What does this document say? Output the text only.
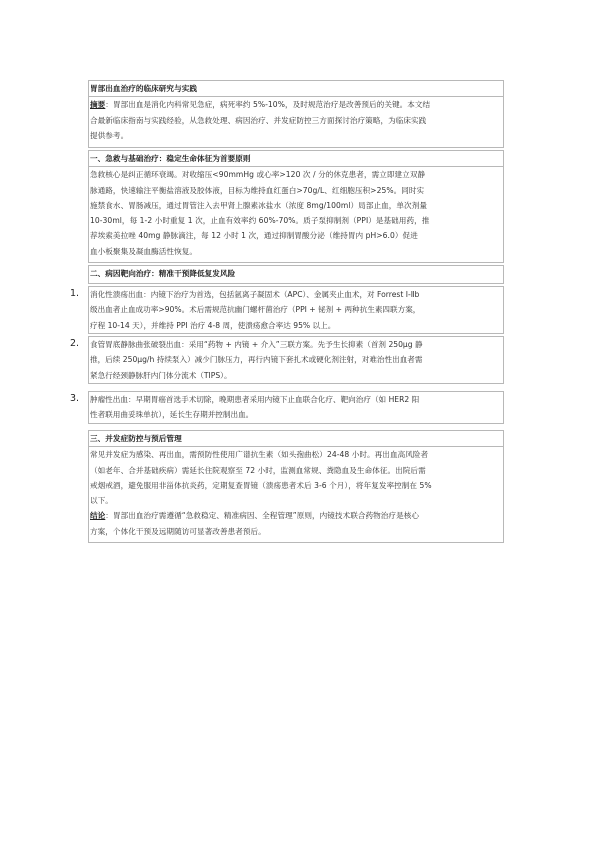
胃部出血治疗的临床研究与实践
摘要：胃部出血是消化内科常见急症，病死率约 5%-10%，及时规范治疗是改善预后的关键。本文结
合最新临床指南与实践经验，从急救处理、病因治疗、并发症防控三方面探讨治疗策略，为临床实践
提供参考。
一、急救与基础治疗：稳定生命体征为首要原则
急救核心是纠正循环衰竭。对收缩压<90mmHg 或心率>120 次 / 分的休克患者，需立即建立双静
脉通路，快速输注平衡盐溶液及胶体液，目标为维持血红蛋白>70g/L、红细胞压积>25%。同时实
施禁食水、胃肠减压，通过胃管注入去甲肾上腺素冰盐水（浓度 8mg/100ml）局部止血，单次剂量
10-30ml，每 1-2 小时重复 1 次，止血有效率约 60%-70%。质子泵抑制剂（PPI）是基础用药，推
荐埃索美拉唑 40mg 静脉滴注，每 12 小时 1 次，通过抑制胃酸分泌（维持胃内 pH>6.0）促进
血小板聚集及凝血酶活性恢复。
二、病因靶向治疗：精准干预降低复发风险
1.	消化性溃疡出血：内镜下治疗为首选，包括氩离子凝固术（APC）、金属夹止血术，对 Forrest Ⅰ-Ⅱb
级出血者止血成功率>90%。术后需规范抗幽门螺杆菌治疗（PPI + 铋剂 + 两种抗生素四联方案，
疗程 10-14 天），并维持 PPI 治疗 4-8 周，使溃疡愈合率达 95% 以上。
2.	食管胃底静脉曲张破裂出血：采用“药物 + 内镜 + 介入”三联方案。先予生长抑素（首剂 250μg 静
推，后续 250μg/h 持续泵入）减少门脉压力，再行内镜下套扎术或硬化剂注射，对难治性出血者需
紧急行经颈静脉肝内门体分流术（TIPS）。
3.	肿瘤性出血：早期胃癌首选手术切除，晚期患者采用内镜下止血联合化疗、靶向治疗（如 HER2 阳
性者联用曲妥珠单抗），延长生存期并控制出血。
三、并发症防控与预后管理
常见并发症为感染、再出血，需预防性使用广谱抗生素（如头孢曲松）24-48 小时。再出血高风险者
（如老年、合并基础疾病）需延长住院观察至 72 小时，监测血常规、粪隐血及生命体征。出院后需
戒烟戒酒，避免服用非甾体抗炎药，定期复查胃镜（溃疡患者术后 3-6 个月），将年复发率控制在 5%
以下。
结论：胃部出血治疗需遵循“急救稳定、精准病因、全程管理”原则，内镜技术联合药物治疗是核心
方案，个体化干预及远期随访可显著改善患者预后。
